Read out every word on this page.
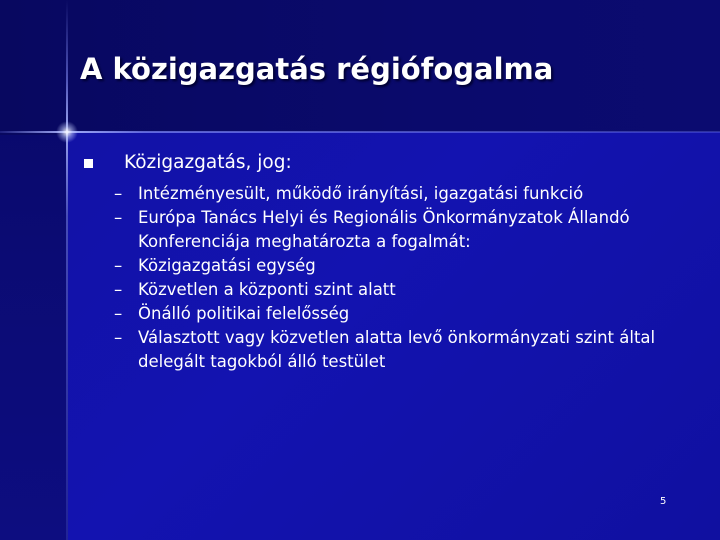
A közigazgatás régiófogalma
Közigazgatás, jog:
– Intézményesült, működő irányítási, igazgatási funkció
– Európa Tanács Helyi és Regionális Önkormányzatok Állandó Konferenciája meghatározta a fogalmát:
– Közigazgatási egység
– Közvetlen a központi szint alatt
– Önálló politikai felelősség
– Választott vagy közvetlen alatta levő önkormányzati szint által delegált tagokból álló testület
5
